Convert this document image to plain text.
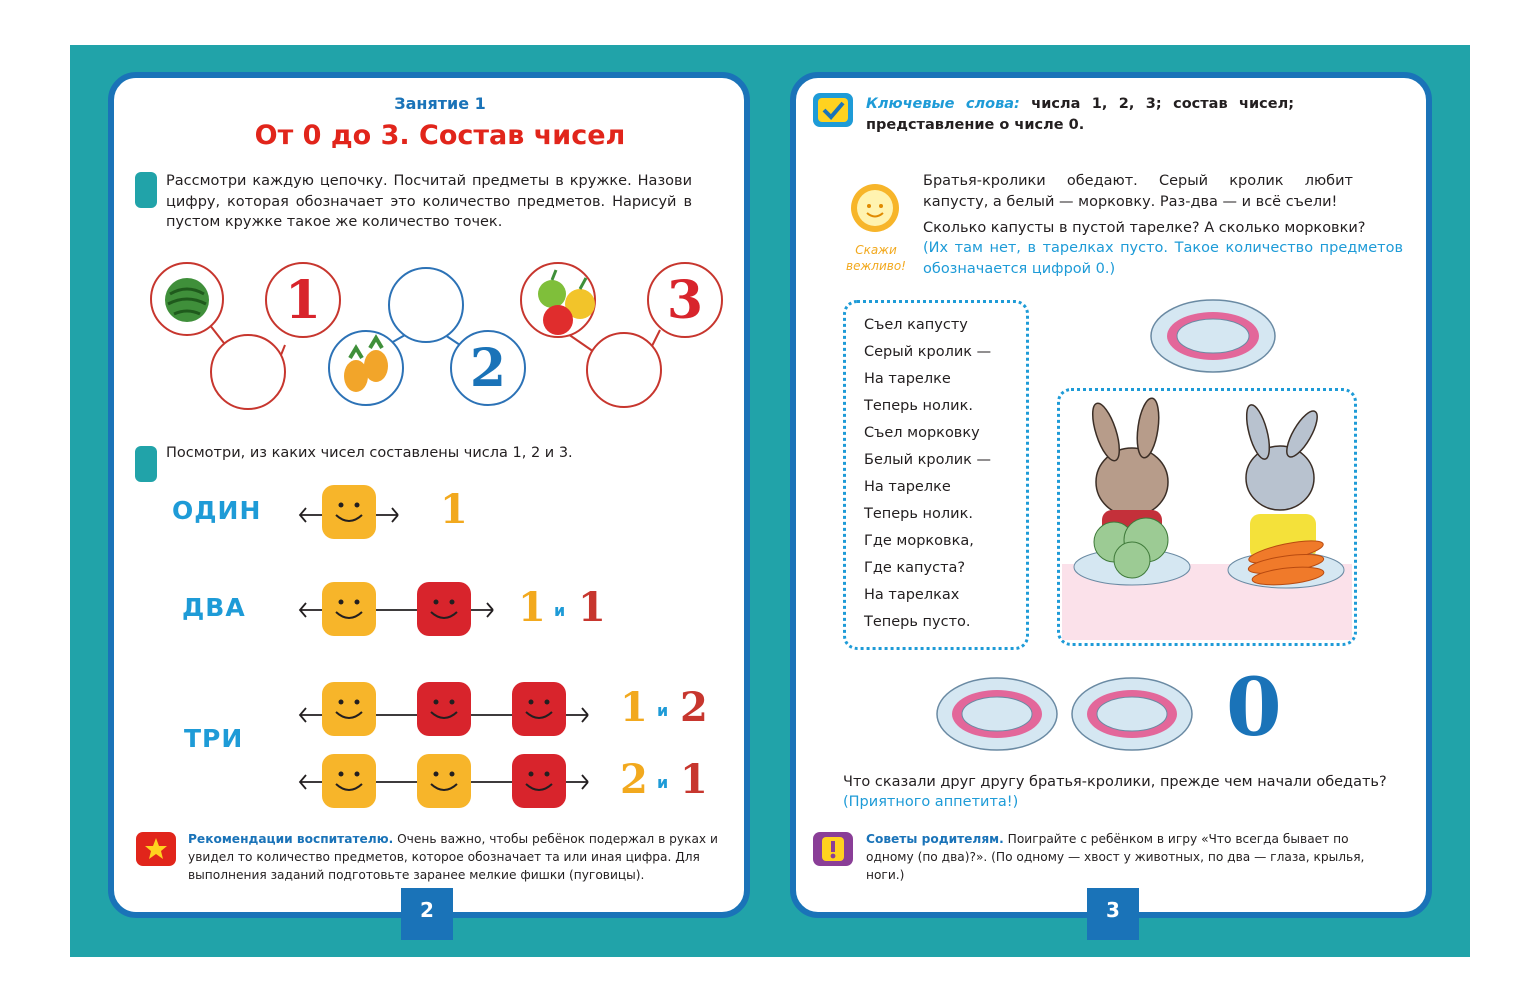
2
Занятие 1
От 0 до 3. Состав чисел
Рассмотри каждую цепочку. Посчитай предметы в кружке. Назови цифру, которая обозначает это количество предметов. Нарисуй в пустом кружке такое же количество точек.
1
2
3
Посмотри, из каких чисел составлены числа 1, 2 и 3.
ОДИН
ДВА
ТРИ
1
1 и 1
1 и 2
2 и 1
Рекомендации воспитателю. Очень важно, чтобы ребёнок подержал в руках и увидел то количество предметов, которое обозначает та или иная цифра. Для выполнения заданий подготовьте заранее мелкие фишки (пуговицы).
3
Ключевые слова: числа 1, 2, 3; состав чисел; представление о числе 0.
Скажи вежливо!
Братья-кролики обедают. Серый кролик любит капусту, а белый — морковку. Раз-два — и всё съели!
Сколько капусты в пустой тарелке? А сколько морковки?
(Их там нет, в тарелках пусто. Такое количество предметов обозначается цифрой 0.)
Съел капусту
Серый кролик —
На тарелке
Теперь нолик.
Съел морковку
Белый кролик —
На тарелке
Теперь нолик.
Где морковка,
Где капуста?
На тарелках
Теперь пусто.
0
Что сказали друг другу братья-кролики, прежде чем начали обедать?
(Приятного аппетита!)
Советы родителям. Поиграйте с ребёнком в игру «Что всегда бывает по одному (по два)?». (По одному — хвост у животных, по два — глаза, крылья, ноги.)
